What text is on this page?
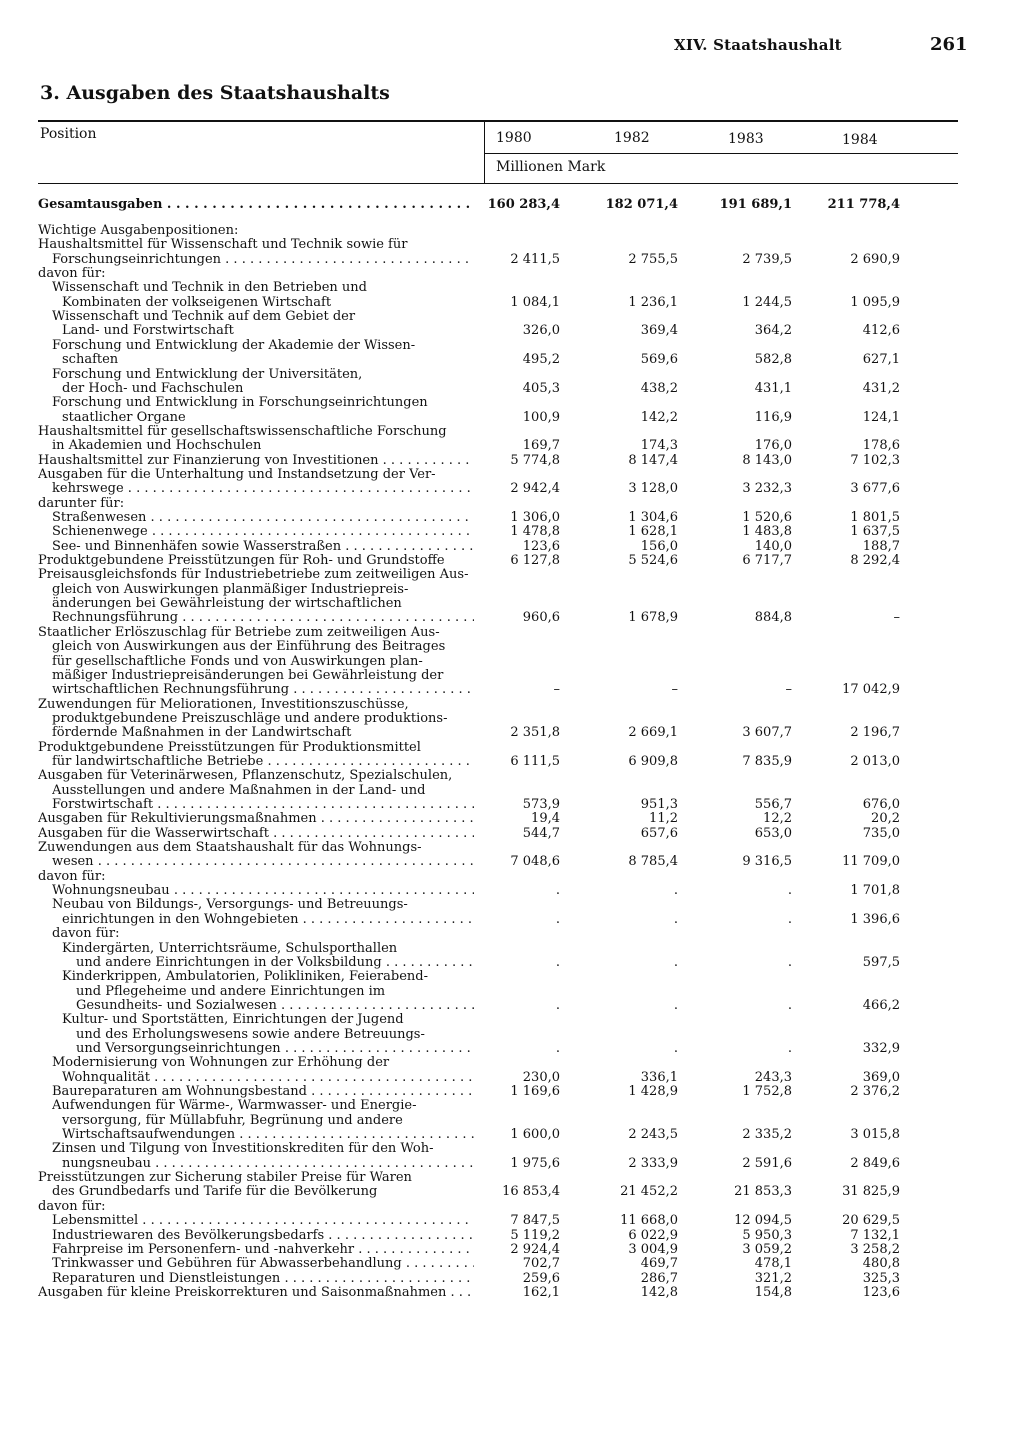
XIV. Staatshaushalt	261
3. Ausgaben des Staatshaushalts
Position	1980	1982	1983	1984
Millionen Mark
Gesamtausgaben . . .	160 283,4	182 071,4	191 689,1	211 778,4
Wichtige Ausgabenpositionen:
Haushaltsmittel für Wissenschaft und Technik sowie für
Forschungseinrichtungen . . .	2 411,5	2 755,5	2 739,5	2 690,9
davon für:
Wissenschaft und Technik in den Betrieben und
Kombinaten der volkseigenen Wirtschaft	1 084,1	1 236,1	1 244,5	1 095,9
Wissenschaft und Technik auf dem Gebiet der
Land- und Forstwirtschaft	326,0	369,4	364,2	412,6
Forschung und Entwicklung der Akademie der Wissen-
schaften	495,2	569,6	582,8	627,1
Forschung und Entwicklung der Universitäten,
der Hoch- und Fachschulen	405,3	438,2	431,1	431,2
Forschung und Entwicklung in Forschungseinrichtungen
staatlicher Organe	100,9	142,2	116,9	124,1
Haushaltsmittel für gesellschaftswissenschaftliche Forschung
in Akademien und Hochschulen	169,7	174,3	176,0	178,6
Haushaltsmittel zur Finanzierung von Investitionen . . .	5 774,8	8 147,4	8 143,0	7 102,3
Ausgaben für die Unterhaltung und Instandsetzung der Ver-
kehrswege . . .	2 942,4	3 128,0	3 232,3	3 677,6
darunter für:
Straßenwesen . . .	1 306,0	1 304,6	1 520,6	1 801,5
Schienenwege . . .	1 478,8	1 628,1	1 483,8	1 637,5
See- und Binnenhäfen sowie Wasserstraßen . . .	123,6	156,0	140,0	188,7
Produktgebundene Preisstützungen für Roh- und Grundstoffe	6 127,8	5 524,6	6 717,7	8 292,4
Preisausgleichsfonds für Industriebetriebe zum zeitweiligen Aus-
gleich von Auswirkungen planmäßiger Industriepreis-
änderungen bei Gewährleistung der wirtschaftlichen
Rechnungsführung . . .	960,6	1 678,9	884,8	–
Staatlicher Erlöszuschlag für Betriebe zum zeitweiligen Aus-
gleich von Auswirkungen aus der Einführung des Beitrages
für gesellschaftliche Fonds und von Auswirkungen plan-
mäßiger Industriepreisänderungen bei Gewährleistung der
wirtschaftlichen Rechnungsführung . . .	–	–	–	17 042,9
Zuwendungen für Meliorationen, Investitionszuschüsse,
produktgebundene Preiszuschläge und andere produktions-
fördernde Maßnahmen in der Landwirtschaft	2 351,8	2 669,1	3 607,7	2 196,7
Produktgebundene Preisstützungen für Produktionsmittel
für landwirtschaftliche Betriebe . . .	6 111,5	6 909,8	7 835,9	2 013,0
Ausgaben für Veterinärwesen, Pflanzenschutz, Spezialschulen,
Ausstellungen und andere Maßnahmen in der Land- und
Forstwirtschaft . . .	573,9	951,3	556,7	676,0
Ausgaben für Rekultivierungsmaßnahmen . . .	19,4	11,2	12,2	20,2
Ausgaben für die Wasserwirtschaft . . .	544,7	657,6	653,0	735,0
Zuwendungen aus dem Staatshaushalt für das Wohnungs-
wesen . . .	7 048,6	8 785,4	9 316,5	11 709,0
davon für:
Wohnungsneubau . . .	.	.	.	1 701,8
Neubau von Bildungs-, Versorgungs- und Betreuungs-
einrichtungen in den Wohngebieten . . .	.	.	.	1 396,6
davon für:
Kindergärten, Unterrichtsräume, Schulsporthallen
und andere Einrichtungen in der Volksbildung . . .	.	.	.	597,5
Kinderkrippen, Ambulatorien, Polikliniken, Feierabend-
und Pflegeheime und andere Einrichtungen im
Gesundheits- und Sozialwesen . . .	.	.	.	466,2
Kultur- und Sportstätten, Einrichtungen der Jugend
und des Erholungswesens sowie andere Betreuungs-
und Versorgungseinrichtungen . . .	.	.	.	332,9
Modernisierung von Wohnungen zur Erhöhung der
Wohnqualität . . .	230,0	336,1	243,3	369,0
Baureparaturen am Wohnungsbestand . . .	1 169,6	1 428,9	1 752,8	2 376,2
Aufwendungen für Wärme-, Warmwasser- und Energie-
versorgung, für Müllabfuhr, Begrünung und andere
Wirtschaftsaufwendungen . . .	1 600,0	2 243,5	2 335,2	3 015,8
Zinsen und Tilgung von Investitionskrediten für den Woh-
nungsneubau . . .	1 975,6	2 333,9	2 591,6	2 849,6
Preisstützungen zur Sicherung stabiler Preise für Waren
des Grundbedarfs und Tarife für die Bevölkerung	16 853,4	21 452,2	21 853,3	31 825,9
davon für:
Lebensmittel . . .	7 847,5	11 668,0	12 094,5	20 629,5
Industriewaren des Bevölkerungsbedarfs . . .	5 119,2	6 022,9	5 950,3	7 132,1
Fahrpreise im Personenfern- und -nahverkehr . . .	2 924,4	3 004,9	3 059,2	3 258,2
Trinkwasser und Gebühren für Abwasserbehandlung . . .	702,7	469,7	478,1	480,8
Reparaturen und Dienstleistungen . . .	259,6	286,7	321,2	325,3
Ausgaben für kleine Preiskorrekturen und Saisonmaßnahmen . . .	162,1	142,8	154,8	123,6
